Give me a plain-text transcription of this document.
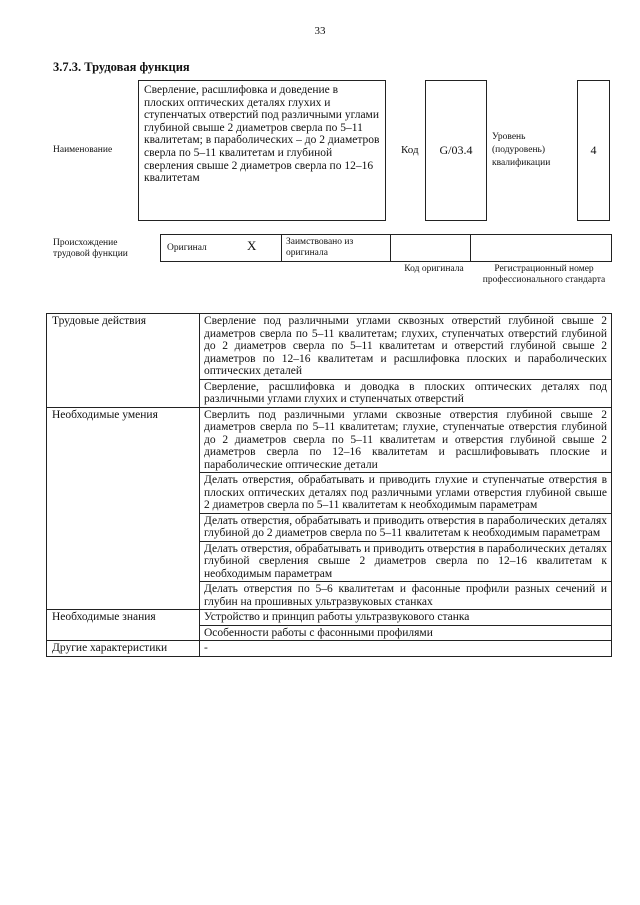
33
3.7.3. Трудовая функция
Наименование
Сверление, расшлифовка и доведение в плоских оптических деталях глухих и ступенчатых отверстий под различными углами глубиной свыше 2 диаметров сверла по 5–11 квалитетам; в параболических – до 2 диаметров сверла по 5–11 квалитетам и глубиной сверления свыше 2 диаметров сверла по 12–16 квалитетам
Код G/03.4
Уровень (подуровень) квалификации
4
Происхождение трудовой функции
Оригинал	X	Заимствовано из оригинала
Код оригинала	Регистрационный номер профессионального стандарта
Трудовые действия	Сверление под различными углами сквозных отверстий глубиной свыше 2 диаметров сверла по 5–11 квалитетам; глухих, ступенчатых отверстий глубиной до 2 диаметров сверла по 5–11 квалитетам и отверстий глубиной свыше 2 диаметров по 12–16 квалитетам и расшлифовка плоских и параболических оптических деталей
	Сверление, расшлифовка и доводка в плоских оптических деталях под различными углами глухих и ступенчатых отверстий
Необходимые умения	Сверлить под различными углами сквозные отверстия глубиной свыше 2 диаметров сверла по 5–11 квалитетам; глухие, ступенчатые отверстия глубиной до 2 диаметров сверла по 5–11 квалитетам и отверстия глубиной свыше 2 диаметров сверла по 12–16 квалитетам и расшлифовывать плоские и параболические оптические детали
	Делать отверстия, обрабатывать и приводить глухие и ступенчатые отверстия в плоских оптических деталях под различными углами отверстия глубиной свыше 2 диаметров сверла по 5–11 квалитетам к необходимым параметрам
	Делать отверстия, обрабатывать и приводить отверстия в параболических деталях глубиной до 2 диаметров сверла по 5–11 квалитетам к необходимым параметрам
	Делать отверстия, обрабатывать и приводить отверстия в параболических деталях глубиной сверления свыше 2 диаметров сверла по 12–16 квалитетам к необходимым параметрам
	Делать отверстия по 5–6 квалитетам и фасонные профили разных сечений и глубин на прошивных ультразвуковых станках
Необходимые знания	Устройство и принцип работы ультразвукового станка
	Особенности работы с фасонными профилями
Другие характеристики	-
